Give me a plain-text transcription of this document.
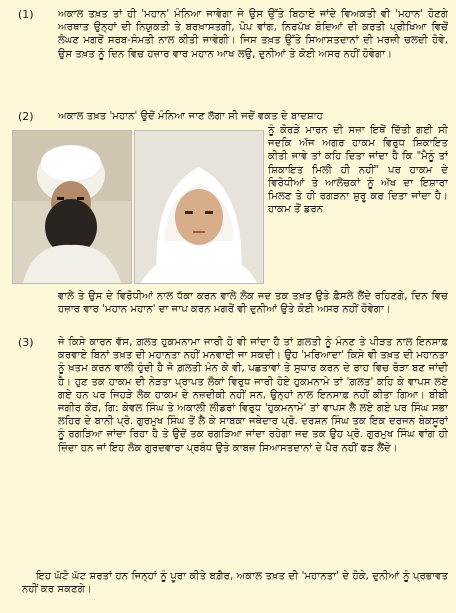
(1) ਅਕਾਲ ਤਖ਼ਤ ਤਾਂ ਹੀ 'ਮਹਾਨ' ਮੰਨਿਆ ਜਾਵੇਗਾ ਜੇ ਉਸ ਉੱਤੇ ਬਿਠਾਏ ਜਾਂਦੇ ਵਿਅਕਤੀ ਵੀ 'ਮਹਾਨ' ਹੋਣਗੇ ਅਰਥਾਤ ਉਨ੍ਹਾਂ ਦੀ ਨਿਯੁਕਤੀ ਤੇ ਬਰਖ਼ਾਸਤਗੀ, ਪੋਪ ਵਾਂਗ, ਨਿਰਪੱਖ ਬੰਦਿਆਂ ਦੀ ਕਰਤੀ ਪ੍ਰੀਖਿਆ ਵਿਚੋਂ ਲੰਘਣ ਮਗਰੋਂ ਸਰਬ-ਸੰਮਤੀ ਨਾਲ ਕੀਤੀ ਜਾਵੇਗੀ। ਜਿਸ ਤਖ਼ਤ ਉੱਤੇ ਸਿਆਸਤਦਾਨਾਂ ਦੀ ਮਰਜ਼ੀ ਚਲਦੀ ਹੋਵੇ, ਉਸ ਤਖ਼ਤ ਨੂੰ ਦਿਨ ਵਿਚ ਹਜ਼ਾਰ ਵਾਰ ਮਹਾਨ ਆਖ ਲਉ, ਦੁਨੀਆਂ ਤੇ ਕੋਈ ਅਸਰ ਨਹੀਂ ਹੋਵੇਗਾ।
(2) ਅਕਾਲ ਤਖ਼ਤ 'ਮਹਾਨ' ਉਦੋਂ ਮੰਨਿਆ ਜਾਣ ਲੱਗਾ ਸੀ ਜਦੋਂ ਵਕਤ ਦੇ ਬਾਦਸ਼ਾਹ
ਨੂੰ ਕੋਰੜੇ ਮਾਰਨ ਦੀ ਸਜ਼ਾ ਇਥੋਂ ਦਿੱਤੀ ਗਈ ਸੀ ਜਦਕਿ ਅੱਜ ਅਗਰ ਹਾਕਮ ਵਿਰੁਧ ਸ਼ਿਕਾਇਤ ਕੀਤੀ ਜਾਵੇ ਤਾਂ ਕਹਿ ਦਿਤਾ ਜਾਂਦਾ ਹੈ ਕਿ "ਮੈਨੂੰ ਤਾਂ ਸ਼ਿਕਾਇਤ ਮਿਲੀ ਹੀ ਨਹੀਂ" ਪਰ ਹਾਕਮ ਦੇ ਵਿਰੋਧੀਆਂ ਤੇ ਆਲੋਚਕਾਂ ਨੂੰ ਅੱਖ ਦਾ ਇਸ਼ਾਰਾ ਮਿਲਣ ਤੇ ਹੀ ਰਗੜਨਾ ਸ਼ੁਰੂ ਕਰ ਦਿਤਾ ਜਾਂਦਾ ਹੈ। ਹਾਕਮ ਤੋਂ ਡਰਨ
ਵਾਲੇ ਤੇ ਉਸ ਦੇ ਵਿਰੋਧੀਆਂ ਨਾਲ ਧੱਕਾ ਕਰਨ ਵਾਲੇ ਲੋਕ ਜਦ ਤਕ ਤਖ਼ਤ ਉਤੇ ਫ਼ੈਸਲੇ ਲੈਂਦੇ ਰਹਿਣਗੇ, ਦਿਨ ਵਿਚ ਹਜ਼ਾਰ ਵਾਰ 'ਮਹਾਨ ਮਹਾਨ' ਦਾ ਜਾਪ ਕਰਨ ਮਗਰੋਂ ਵੀ ਦੁਨੀਆਂ ਉਤੇ ਕੋਈ ਅਸਰ ਨਹੀਂ ਹੋਵੇਗਾ।
(3) ਜੇ ਕਿਸੇ ਕਾਰਨ ਵੱਸ, ਗ਼ਲਤ ਹੁਕਮਨਾਮਾ ਜਾਰੀ ਹੋ ਵੀ ਜਾਂਦਾ ਹੈ ਤਾਂ ਗ਼ਲਤੀ ਨੂੰ ਮੰਨਣ ਤੇ ਪੀੜਤ ਨਾਲ ਇਨਸਾਫ਼ ਕਰਵਾਏ ਬਿਨਾਂ ਤਖ਼ਤ ਦੀ ਮਹਾਨਤਾ ਨਹੀਂ ਮਨਵਾਈ ਜਾ ਸਕਦੀ। ਉਹ 'ਮਰਿਆਦਾ' ਕਿਸੇ ਵੀ ਤਖ਼ਤ ਦੀ ਮਹਾਨਤਾ ਨੂੰ ਖ਼ਤਮ ਕਰਨ ਵਾਲੀ ਹੁੰਦੀ ਹੈ ਜੋ ਗ਼ਲਤੀ ਮੰਨ ਕੇ ਵੀ, ਪਛਤਾਵਾਂ ਤੇ ਸੁਧਾਰ ਕਰਨ ਦੇ ਰਾਹ ਵਿਚ ਰੋੜਾ ਬਣ ਜਾਂਦੀ ਹੈ। ਹੁਣ ਤਕ ਹਾਕਮ ਦੀ ਨੇੜਤਾ ਪ੍ਰਾਪਤ ਲੋਕਾਂ ਵਿਰੁਧ ਜਾਰੀ ਹੋਏ ਹੁਕਮਨਾਮੇ ਤਾਂ 'ਗ਼ਲਤ' ਕਹਿ ਕੇ ਵਾਪਸ ਲਏ ਗਏ ਹਨ ਪਰ ਜਿਹੜੇ ਲੋਕ ਹਾਕਮ ਦੇ ਨਜ਼ਦੀਕੀ ਨਹੀਂ ਸਨ, ਉਨ੍ਹਾਂ ਨਾਲ ਇਨਸਾਫ਼ ਨਹੀਂ ਕੀਤਾ ਗਿਆ। ਬੀਬੀ ਜਗੀਰ ਕੌਰ, ਗਿ: ਕੇਵਲ ਸਿੰਘ ਤੇ ਅਕਾਲੀ ਲੀਡਰਾਂ ਵਿਰੁਧ 'ਹੁਕਮਨਾਮੇ' ਤਾਂ ਵਾਪਸ ਲੈ ਲਏ ਗਏ ਪਰ ਸਿੰਘ ਸਭਾ ਲਹਿਰ ਦੇ ਬਾਨੀ ਪ੍ਰੋ. ਗੁਰਮੁਖ ਸਿੰਘ ਤੋਂ ਲੈ ਕੇ ਸਾਬਕਾ ਜਥੇਦਾਰ ਪ੍ਰੋ. ਦਰਸ਼ਨ ਸਿੰਘ ਤਕ ਇਕ ਦਰਜਨ ਬੇਕਸੂਰਾਂ ਨੂੰ ਰਗੜਿਆ ਜਾਂਦਾ ਰਿਹਾ ਹੈ ਤੇ ਉਦੋਂ ਤਕ ਰਗੜਿਆ ਜਾਂਦਾ ਰਹੇਗਾ ਜਦ ਤਕ ਉਹ ਪ੍ਰੋ. ਗੁਰਮੁਖ ਸਿੰਘ ਵਾਂਗ ਹੀ ਜ਼ਿੰਦਾ ਹਨ ਜਾਂ ਇਹ ਲੋਕ ਗੁਰਦਵਾਰਾ ਪ੍ਰਬੰਧ ਉਤੇ ਕਾਬਜ਼ ਸਿਆਸਤਦਾਨਾਂ ਦੇ ਪੈਰ ਨਹੀਂ ਫੜ ਲੈਂਦੇ।
ਇਹ ਘੱਟੋ ਘੱਟ ਸ਼ਰਤਾਂ ਹਨ ਜਿਨ੍ਹਾਂ ਨੂੰ ਪੂਰਾ ਕੀਤੇ ਬਗ਼ੈਰ, ਅਕਾਲ ਤਖ਼ਤ ਦੀ 'ਮਹਾਨਤਾ' ਦੇ ਹੋਕੇ, ਦੁਨੀਆਂ ਨੂੰ ਪ੍ਰਭਾਵਤ ਨਹੀਂ ਕਰ ਸਕਣਗੇ।
